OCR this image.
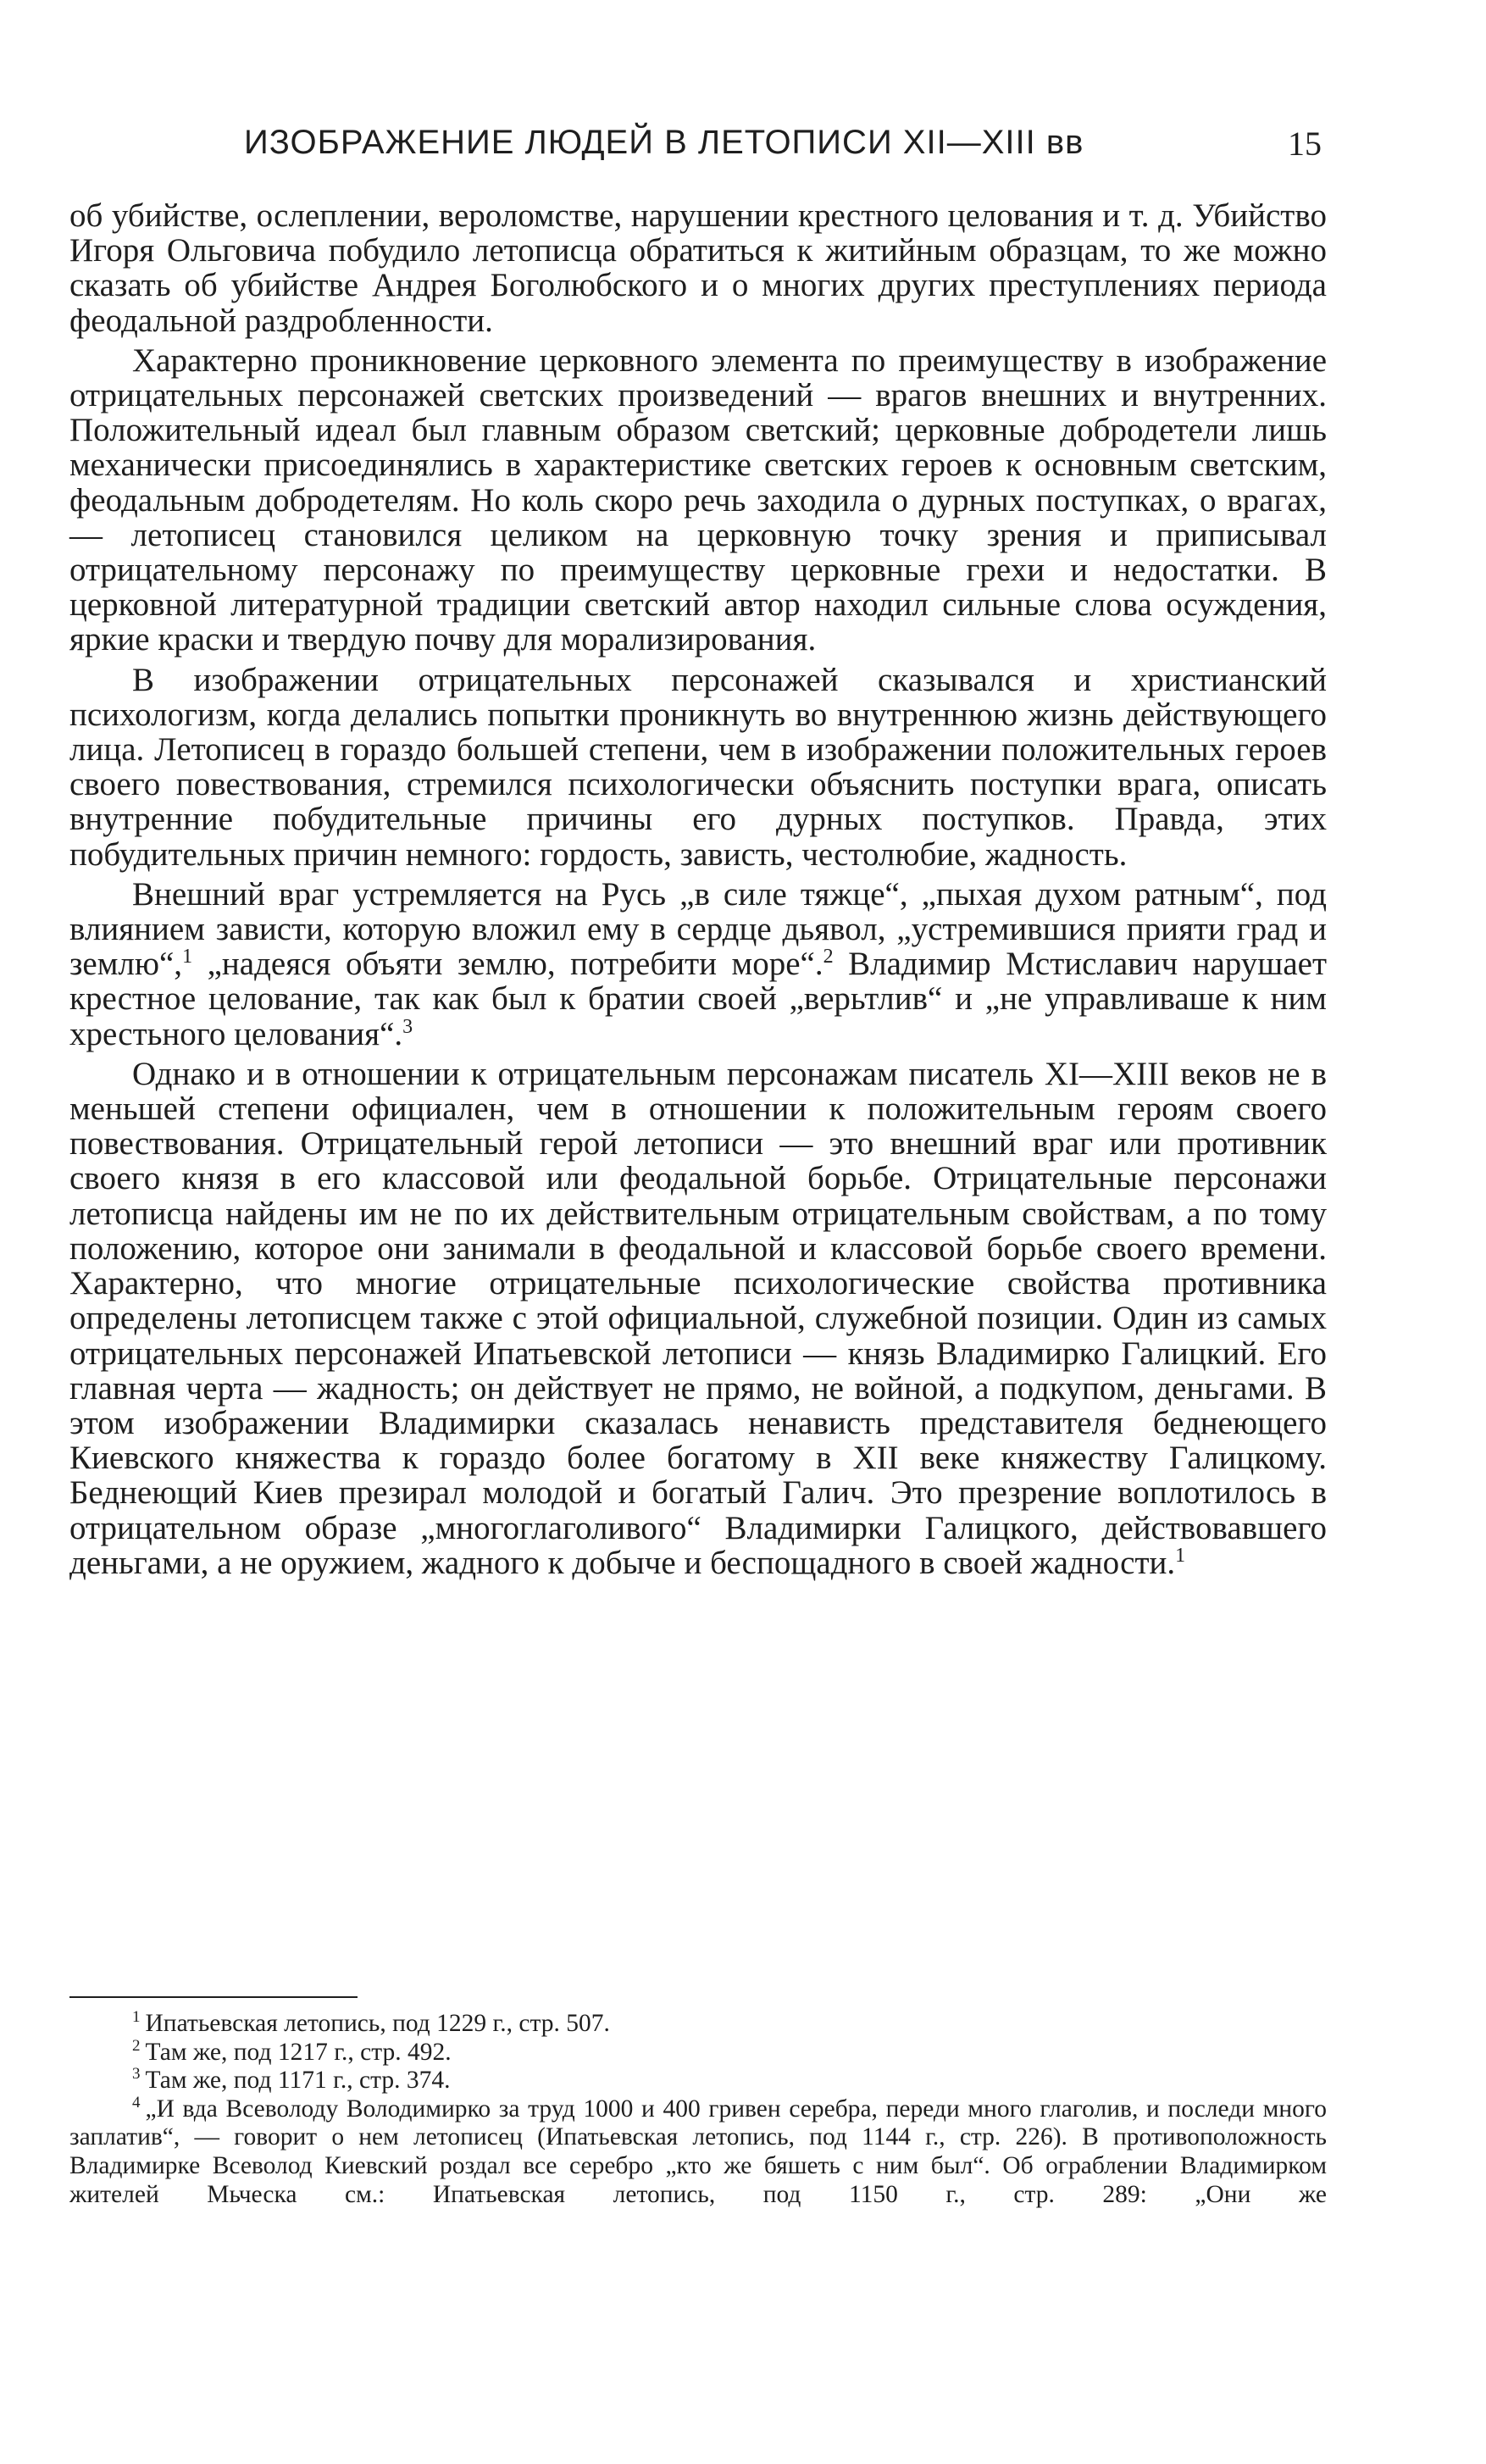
ИЗОБРАЖЕНИЕ ЛЮДЕЙ В ЛЕТОПИСИ XII—XIII вв	15

об убийстве, ослеплении, вероломстве, нарушении крестного целования и т. д. Убийство Игоря Ольговича побудило летописца обратиться к житийным образцам, то же можно сказать об убийстве Андрея Боголюбского и о многих других преступлениях периода феодальной раздробленности.

Характерно проникновение церковного элемента по преимуществу в изображение отрицательных персонажей светских произведений — врагов внешних и внутренних. Положительный идеал был главным образом светский; церковные добродетели лишь механически присоединялись в характеристике светских героев к основным светским, феодальным добродетелям. Но коль скоро речь заходила о дурных поступках, о врагах, — летописец становился целиком на церковную точку зрения и приписывал отрицательному персонажу по преимуществу церковные грехи и недостатки. В церковной литературной традиции светский автор находил сильные слова осуждения, яркие краски и твердую почву для морализирования.

В изображении отрицательных персонажей сказывался и христианский психологизм, когда делались попытки проникнуть во внутреннюю жизнь действующего лица. Летописец в гораздо большей степени, чем в изображении положительных героев своего повествования, стремился психологически объяснить поступки врага, описать внутренние побудительные причины его дурных поступков. Правда, этих побудительных причин немного: гордость, зависть, честолюбие, жадность.

Внешний враг устремляется на Русь „в силе тяжце“, „пыхая духом ратным“, под влиянием зависти, которую вложил ему в сердце дьявол, „устремившися прияти град и землю“,$^1$ „надеяся объяти землю, потребити море“.$^2$ Владимир Мстиславич нарушает крестное целование, так как был к братии своей „верьтлив“ и „не управливаше к ним хрестьного целования“.$^3$

Однако и в отношении к отрицательным персонажам писатель XI—XIII веков не в меньшей степени официален, чем в отношении к положительным героям своего повествования. Отрицательный герой летописи — это внешний враг или противник своего князя в его классовой или феодальной борьбе. Отрицательные персонажи летописца найдены им не по их действительным отрицательным свойствам, а по тому положению, которое они занимали в феодальной и классовой борьбе своего времени. Характерно, что многие отрицательные психологические свойства противника определены летописцем также с этой официальной, служебной позиции. Один из самых отрицательных персонажей Ипатьевской летописи — князь Владимирко Галицкий. Его главная черта — жадность; он действует не прямо, не войной, а подкупом, деньгами. В этом изображении Владимирки сказалась ненависть представителя беднеющего Киевского княжества к гораздо более богатому в XII веке княжеству Галицкому. Беднеющий Киев презирал молодой и богатый Галич. Это презрение воплотилось в отрицательном образе „многоглаголивого“ Владимирки Галицкого, действовавшего деньгами, а не оружием, жадного к добыче и беспощадного в своей жадности.$^1$

$^1$ Ипатьевская летопись, под 1229 г., стр. 507.

$^2$ Там же, под 1217 г., стр. 492.

$^3$ Там же, под 1171 г., стр. 374.

$^4$ „И вда Всеволоду Володимирко за труд 1000 и 400 гривен серебра, переди много глаголив, и последи много заплатив“, — говорит о нем летописец (Ипатьевская летопись, под 1144 г., стр. 226). В противоположность Владимирке Всеволод Киевский роздал все серебро „кто же бяшеть с ним был“. Об ограблении Владимирком жителей Мьческа см.: Ипатьевская летопись, под 1150 г., стр. 289: „Они же
